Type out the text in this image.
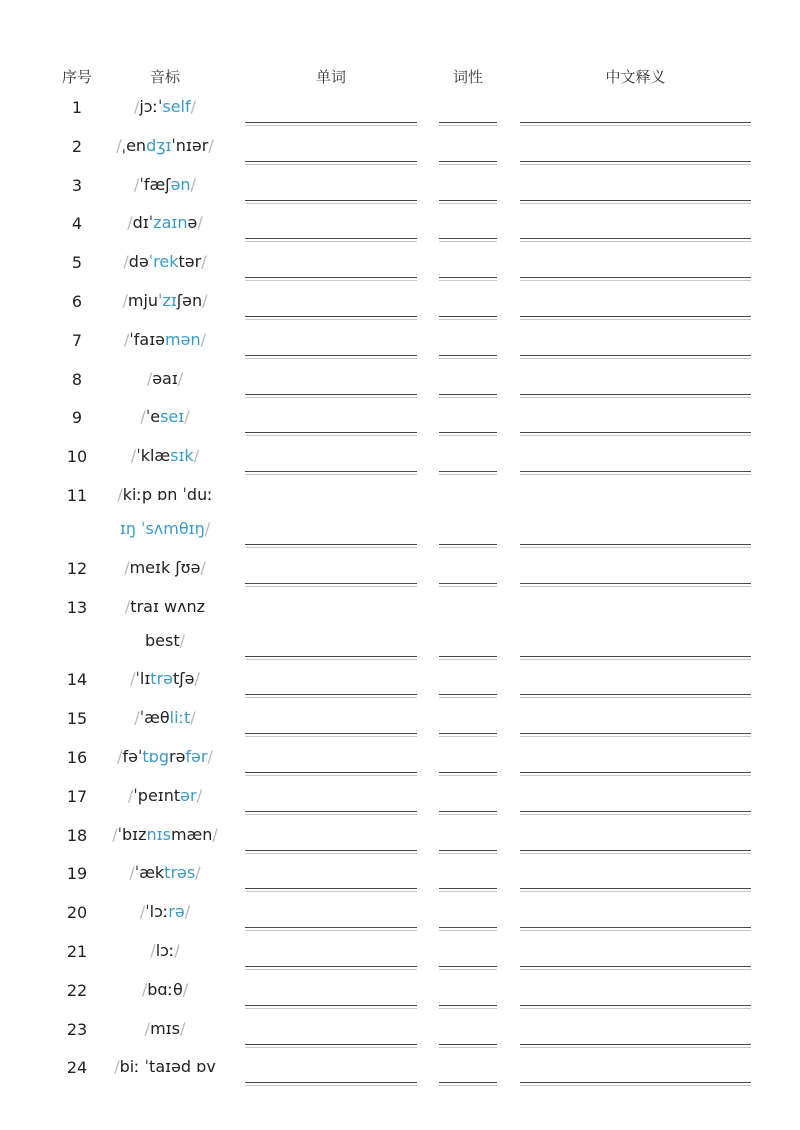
序号	音标	单词	词性	中文释义
1	/jɔːˈself/
2	/ˌendʒɪˈnɪər/
3	/ˈfæʃən/
4	/dɪˈzaɪnə/
5	/dəˈrektər/
6	/mjuˈzɪʃən/
7	/ˈfaɪəmən/
8	/əaɪ/
9	/ˈeseɪ/
10	/ˈklæsɪk/
11	/kiːp ɒn ˈduː
ɪŋ ˈsʌmθɪŋ/
12	/meɪk ʃʊə/
13	/traɪ wʌnz
best/
14	/ˈlɪtrətʃə/
15	/ˈæθliːt/
16	/fəˈtɒgrəfər/
17	/ˈpeɪntər/
18	/ˈbɪznɪsmæn/
19	/ˈæktrəs/
20	/ˈlɔːrə/
21	/lɔː/
22	/bɑːθ/
23	/mɪs/
24	/biː ˈtaɪəd ɒv
